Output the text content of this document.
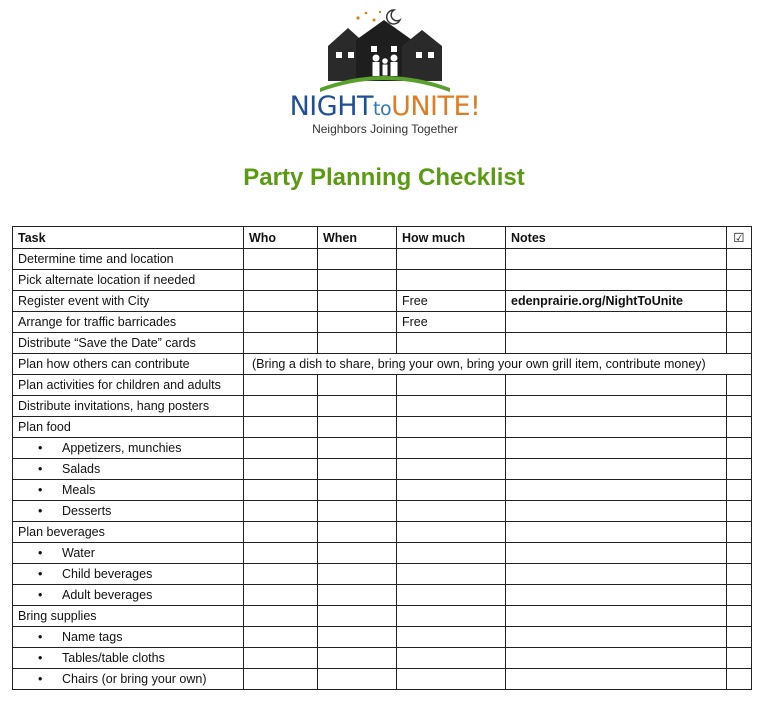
NIGHTtoUNITE!
Neighbors Joining Together
Party Planning Checklist
Task	Who	When	How much	Notes	☑
Determine time and location					
Pick alternate location if needed					
Register event with City			Free	edenprairie.org/NightToUnite	
Arrange for traffic barricades			Free		
Distribute “Save the Date” cards					
Plan how others can contribute	(Bring a dish to share, bring your own, bring your own grill item, contribute money)				
Plan activities for children and adults					
Distribute invitations, hang posters					
Plan food					
• Appetizers, munchies					
• Salads					
• Meals					
• Desserts					
Plan beverages					
• Water					
• Child beverages					
• Adult beverages					
Bring supplies					
• Name tags					
• Tables/table cloths					
• Chairs (or bring your own)					
